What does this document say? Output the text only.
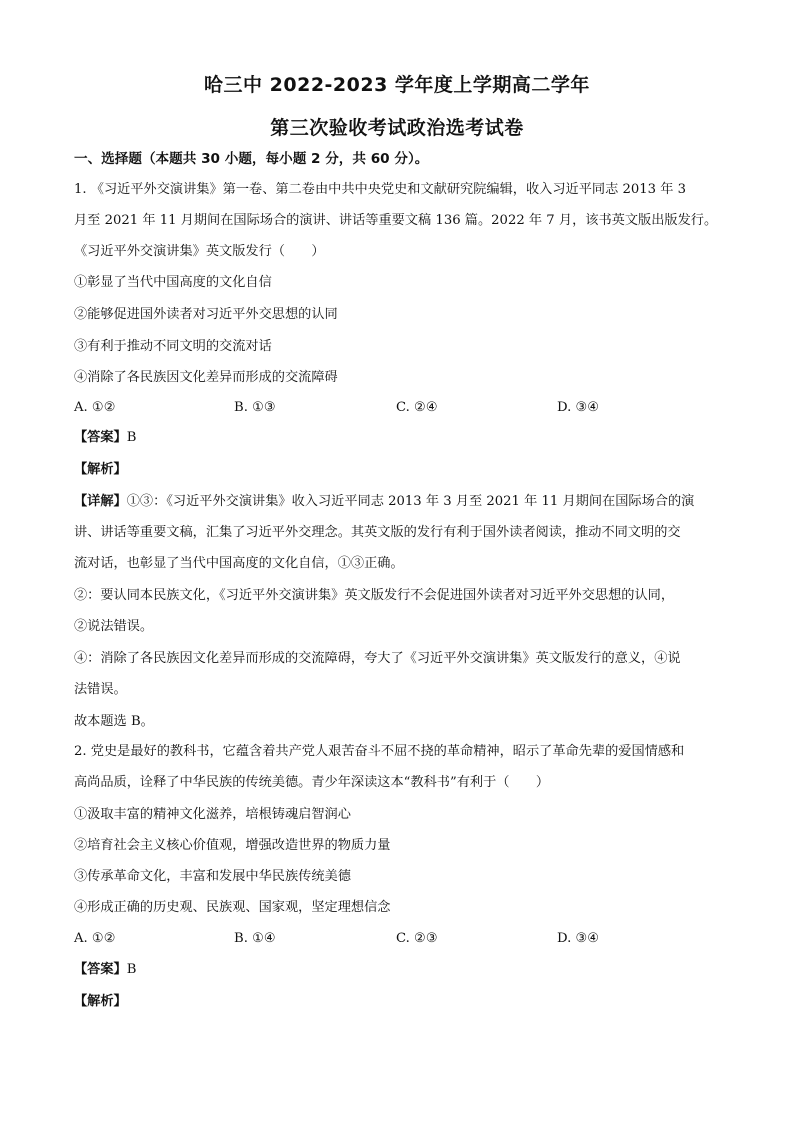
哈三中 2022-2023 学年度上学期高二学年
第三次验收考试政治选考试卷
一、选择题（本题共 30 小题，每小题 2 分，共 60 分）。
1. 《习近平外交演讲集》第一卷、第二卷由中共中央党史和文献研究院编辑，收入习近平同志 2013 年 3
月至 2021 年 11 月期间在国际场合的演讲、讲话等重要文稿 136 篇。2022 年 7 月，该书英文版出版发行。
《习近平外交演讲集》英文版发行（　　）
①彰显了当代中国高度的文化自信
②能够促进国外读者对习近平外交思想的认同
③有利于推动不同文明的交流对话
④消除了各民族因文化差异而形成的交流障碍
A. ①②	B. ①③	C. ②④	D. ③④
【答案】B
【解析】
【详解】①③：《习近平外交演讲集》收入习近平同志 2013 年 3 月至 2021 年 11 月期间在国际场合的演
讲、讲话等重要文稿，汇集了习近平外交理念。其英文版的发行有利于国外读者阅读，推动不同文明的交
流对话，也彰显了当代中国高度的文化自信，①③正确。
②：要认同本民族文化，《习近平外交演讲集》英文版发行不会促进国外读者对习近平外交思想的认同，
②说法错误。
④：消除了各民族因文化差异而形成的交流障碍，夸大了《习近平外交演讲集》英文版发行的意义，④说
法错误。
故本题选 B。
2. 党史是最好的教科书，它蕴含着共产党人艰苦奋斗不屈不挠的革命精神，昭示了革命先辈的爱国情感和
高尚品质，诠释了中华民族的传统美德。青少年深读这本“教科书”有利于（　　）
①汲取丰富的精神文化滋养，培根铸魂启智润心
②培育社会主义核心价值观，增强改造世界的物质力量
③传承革命文化，丰富和发展中华民族传统美德
④形成正确的历史观、民族观、国家观，坚定理想信念
A. ①②	B. ①④	C. ②③	D. ③④
【答案】B
【解析】
